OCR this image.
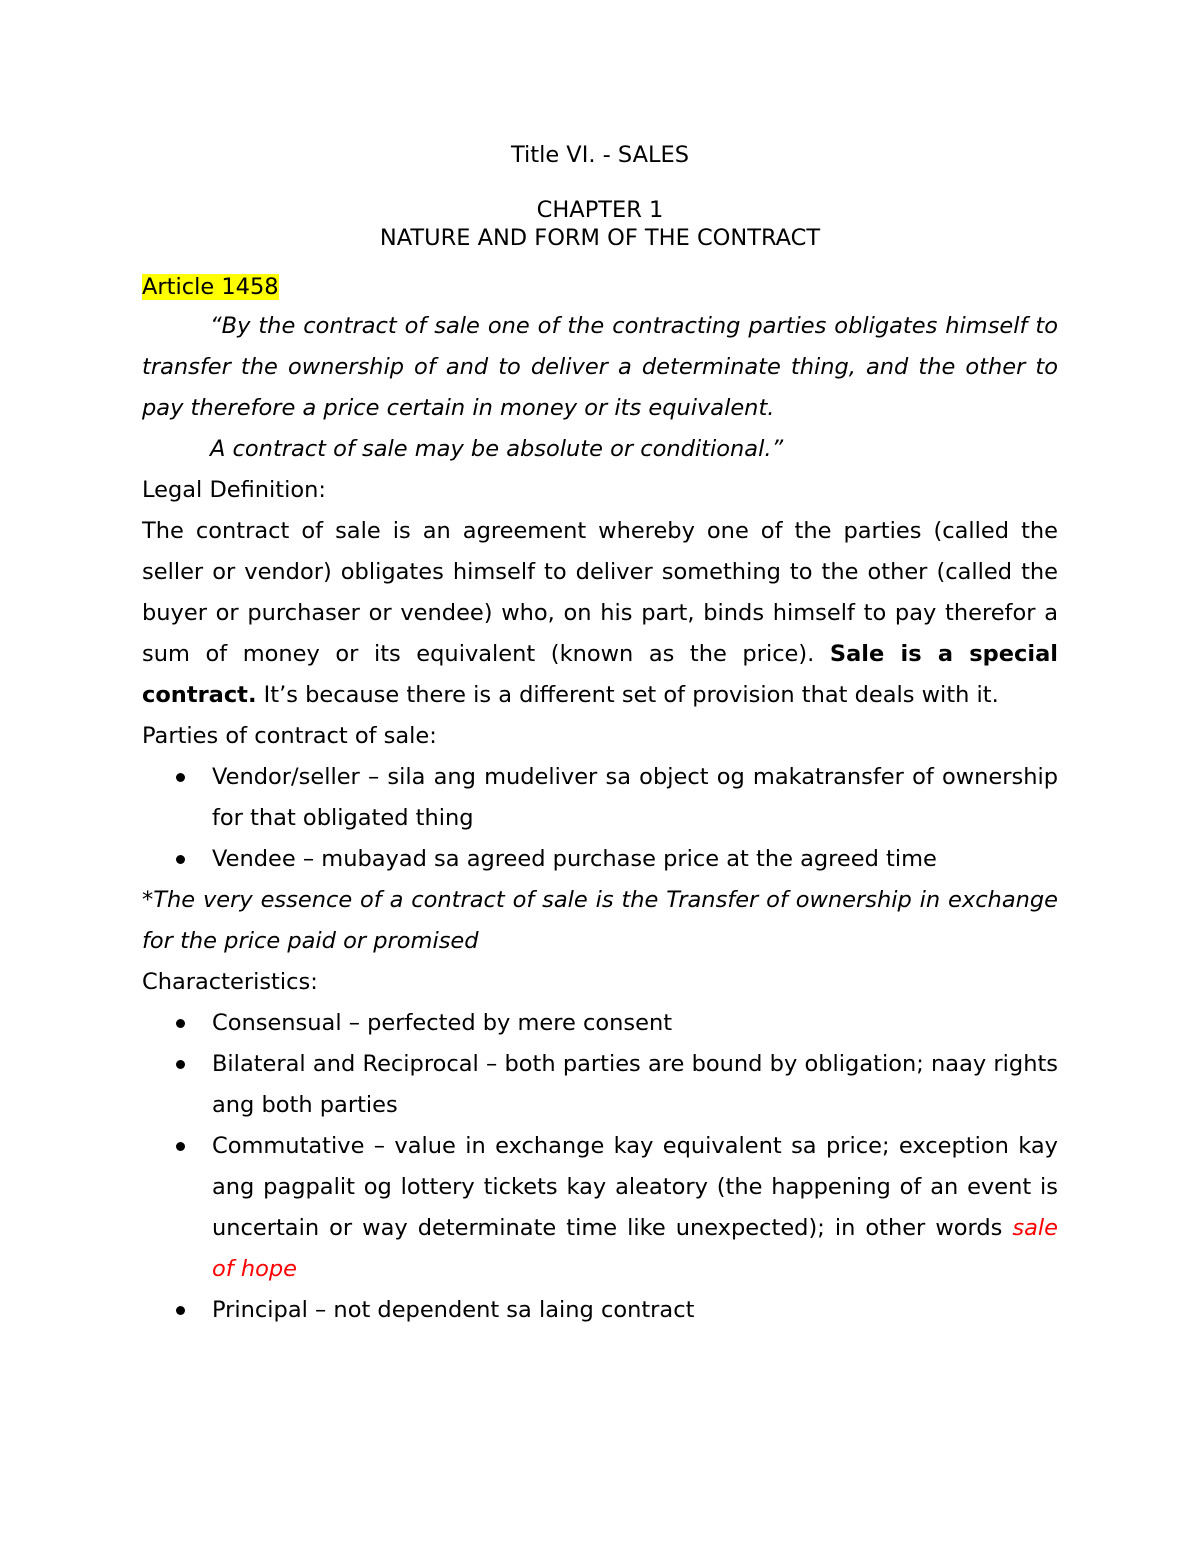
Title VI. - SALES
CHAPTER 1
NATURE AND FORM OF THE CONTRACT
Article 1458

“By the contract of sale one of the contracting parties obligates himself to transfer the ownership of and to deliver a determinate thing, and the other to pay therefore a price certain in money or its equivalent.

A contract of sale may be absolute or conditional.”

Legal Definition:

The contract of sale is an agreement whereby one of the parties (called the seller or vendor) obligates himself to deliver something to the other (called the buyer or purchaser or vendee) who, on his part, binds himself to pay therefor a sum of money or its equivalent (known as the price). Sale is a special contract. It’s because there is a different set of provision that deals with it.

Parties of contract of sale:

Vendor/seller – sila ang mudeliver sa object og makatransfer of ownership for that obligated thing
Vendee – mubayad sa agreed purchase price at the agreed time

*The very essence of a contract of sale is the Transfer of ownership in exchange for the price paid or promised

Characteristics:

Consensual – perfected by mere consent
Bilateral and Reciprocal – both parties are bound by obligation; naay rights ang both parties
Commutative – value in exchange kay equivalent sa price; exception kay ang pagpalit og lottery tickets kay aleatory (the happening of an event is uncertain or way determinate time like unexpected); in other words sale of hope
Principal – not dependent sa laing contract
